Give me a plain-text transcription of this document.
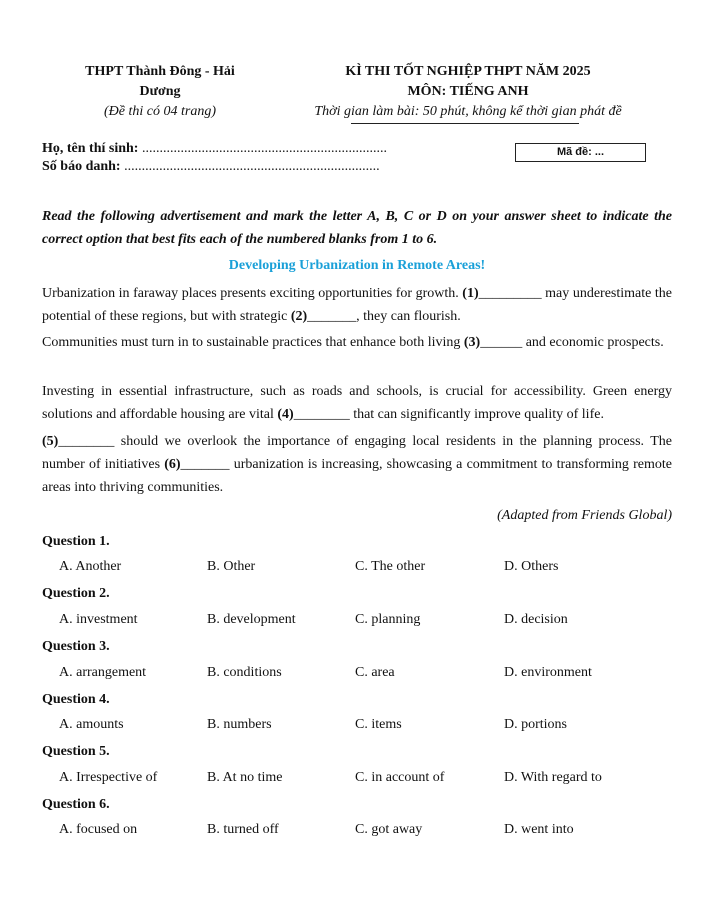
THPT Thành Đông - Hải
Dương
(Đề thi có 04 trang)
KÌ THI TỐT NGHIỆP THPT NĂM 2025
MÔN: TIẾNG ANH
Thời gian làm bài: 50 phút, không kể thời gian phát đề
Họ, tên thí sinh: ......................................................................
Số báo danh: .........................................................................
Mã đề: ...
Read the following advertisement and mark the letter A, B, C or D on your answer sheet to indicate the correct option that best fits each of the numbered blanks from 1 to 6.
Developing Urbanization in Remote Areas!
Urbanization in faraway places presents exciting opportunities for growth. (1)_________ may underestimate the potential of these regions, but with strategic (2)_______, they can flourish.
Communities must turn in to sustainable practices that enhance both living (3)______ and economic prospects.
Investing in essential infrastructure, such as roads and schools, is crucial for accessibility. Green energy solutions and affordable housing are vital (4)________ that can significantly improve quality of life.
(5)________ should we overlook the importance of engaging local residents in the planning process. The number of initiatives (6)_______ urbanization is increasing, showcasing a commitment to transforming remote areas into thriving communities.
(Adapted from Friends Global)
Question 1.
A. Another	B. Other	C. The other	D. Others
Question 2.
A. investment	B. development	C. planning	D. decision
Question 3.
A. arrangement	B. conditions	C. area	D. environment
Question 4.
A. amounts	B. numbers	C. items	D. portions
Question 5.
A. Irrespective of	B. At no time	C. in account of	D. With regard to
Question 6.
A. focused on	B. turned off	C. got away	D. went into
